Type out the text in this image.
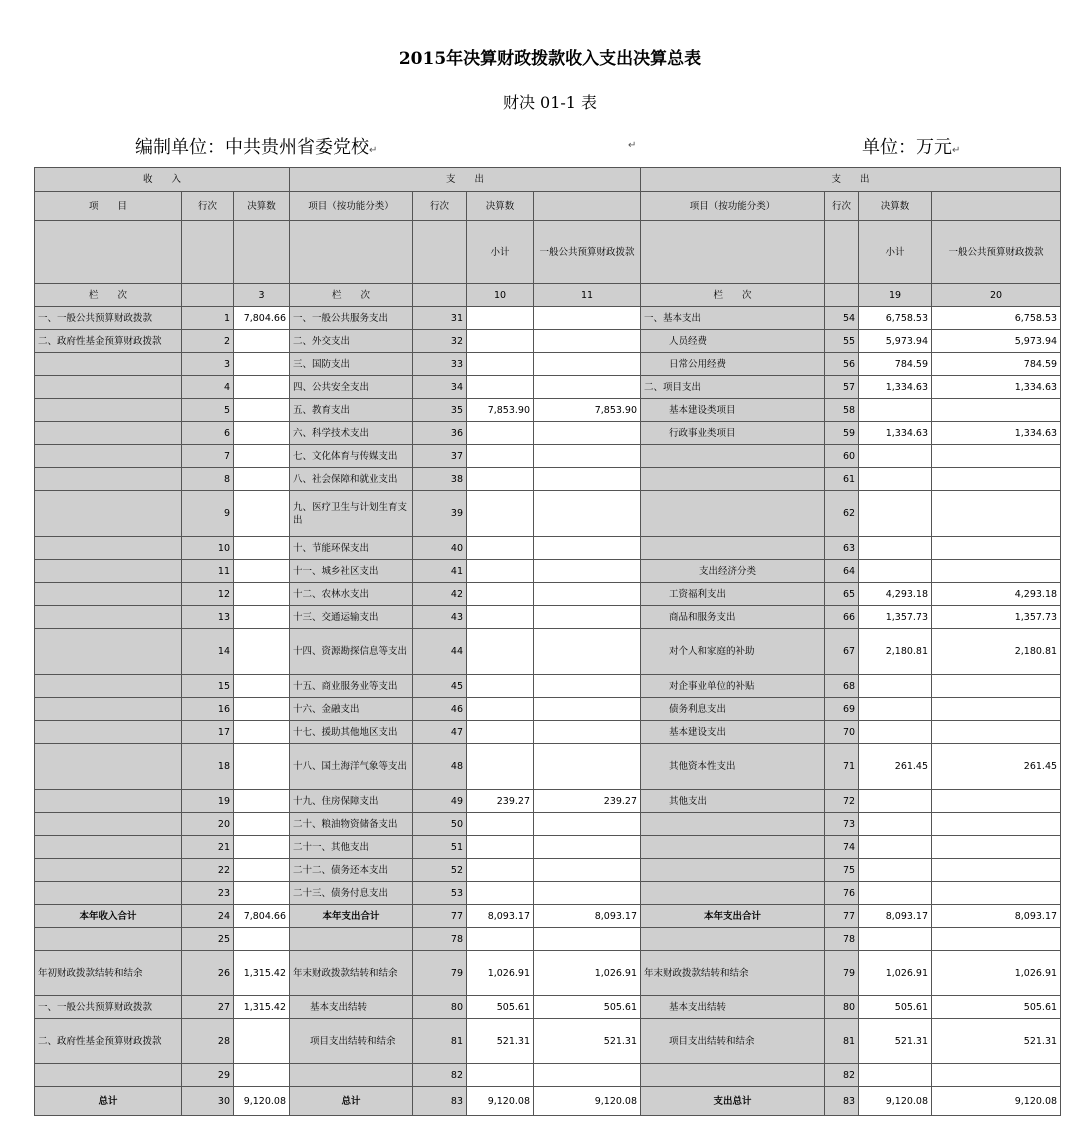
2015年决算财政拨款收入支出决算总表
财决 01-1 表
编制单位：中共贵州省委党校↵	↵	单位：万元↵
收　　入			支　　出				支　　出			
项　　目	行次	决算数	项目（按功能分类）	行次	决算数		项目（按功能分类）	行次	决算数	
					小计	一般公共预算财政拨款			小计	一般公共预算财政拨款
栏　　次		3	栏　　次		10	11	栏　　次		19	20
一、一般公共预算财政拨款	1	7,804.66	一、一般公共服务支出	31			一、基本支出	54	6,758.53	6,758.53
二、政府性基金预算财政拨款	2		二、外交支出	32			人员经费	55	5,973.94	5,973.94
	3		三、国防支出	33			日常公用经费	56	784.59	784.59
	4		四、公共安全支出	34			二、项目支出	57	1,334.63	1,334.63
	5		五、教育支出	35	7,853.90	7,853.90	基本建设类项目	58		
	6		六、科学技术支出	36			行政事业类项目	59	1,334.63	1,334.63
	7		七、文化体育与传媒支出	37				60		
	8		八、社会保障和就业支出	38				61		
	9		九、医疗卫生与计划生育支出	39				62		
	10		十、节能环保支出	40				63		
	11		十一、城乡社区支出	41			支出经济分类	64		
	12		十二、农林水支出	42			工资福利支出	65	4,293.18	4,293.18
	13		十三、交通运输支出	43			商品和服务支出	66	1,357.73	1,357.73
	14		十四、资源勘探信息等支出	44			对个人和家庭的补助	67	2,180.81	2,180.81
	15		十五、商业服务业等支出	45			对企事业单位的补贴	68		
	16		十六、金融支出	46			债务利息支出	69		
	17		十七、援助其他地区支出	47			基本建设支出	70		
	18		十八、国土海洋气象等支出	48			其他资本性支出	71	261.45	261.45
	19		十九、住房保障支出	49	239.27	239.27	其他支出	72		
	20		二十、粮油物资储备支出	50				73		
	21		二十一、其他支出	51				74		
	22		二十二、债务还本支出	52				75		
	23		二十三、债务付息支出	53				76		
本年收入合计	24	7,804.66	本年支出合计	77	8,093.17	8,093.17	本年支出合计	77	8,093.17	8,093.17
	25			78				78		
年初财政拨款结转和结余	26	1,315.42	年末财政拨款结转和结余	79	1,026.91	1,026.91	年末财政拨款结转和结余	79	1,026.91	1,026.91
一、一般公共预算财政拨款	27	1,315.42	基本支出结转	80	505.61	505.61	基本支出结转	80	505.61	505.61
二、政府性基金预算财政拨款	28		项目支出结转和结余	81	521.31	521.31	项目支出结转和结余	81	521.31	521.31
	29			82				82		
总计	30	9,120.08	总计	83	9,120.08	9,120.08	支出总计	83	9,120.08	9,120.08
